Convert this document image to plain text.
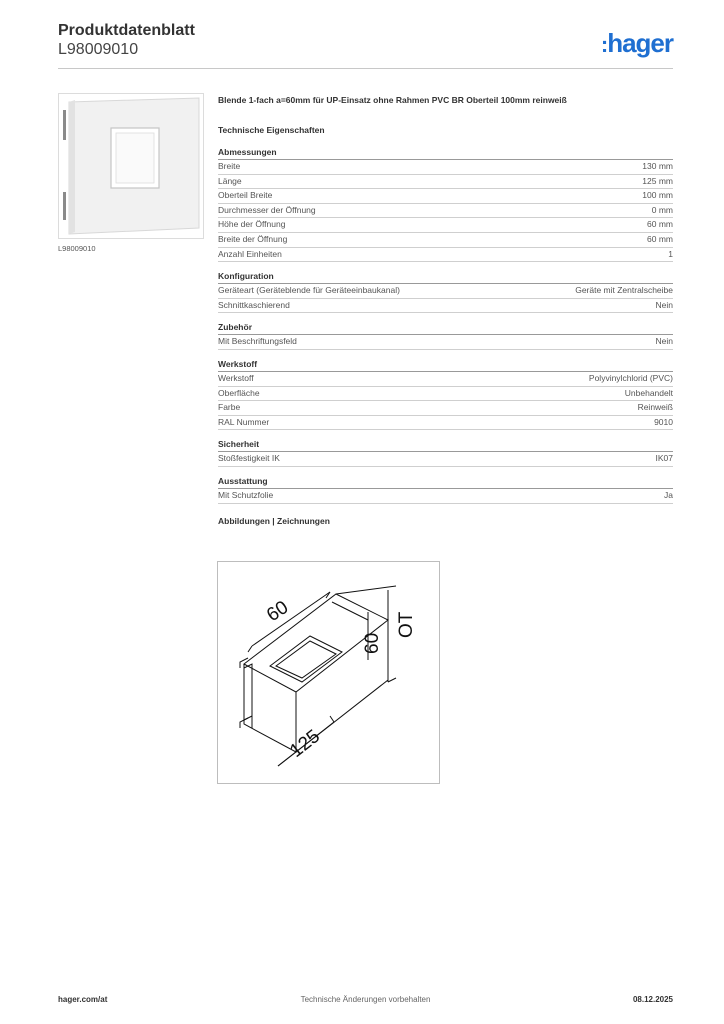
Produktdatenblatt
L98009010	:hager
L98009010
Blende 1-fach a=60mm für UP-Einsatz ohne Rahmen PVC BR Oberteil 100mm reinweiß
Technische Eigenschaften
Abmessungen
Breite	130 mm
Länge	125 mm
Oberteil Breite	100 mm
Durchmesser der Öffnung	0 mm
Höhe der Öffnung	60 mm
Breite der Öffnung	60 mm
Anzahl Einheiten	1
Konfiguration
Geräteart (Geräteblende für Geräteeinbaukanal)	Geräte mit Zentralscheibe
Schnittkaschierend	Nein
Zubehör
Mit Beschriftungsfeld	Nein
Werkstoff
Werkstoff	Polyvinylchlorid (PVC)
Oberfläche	Unbehandelt
Farbe	Reinweiß
RAL Nummer	9010
Sicherheit
Stoßfestigkeit IK	IK07
Ausstattung
Mit Schutzfolie	Ja
Abbildungen | Zeichnungen
60
60
OT
125
hager.com/at	Technische Änderungen vorbehalten	08.12.2025
